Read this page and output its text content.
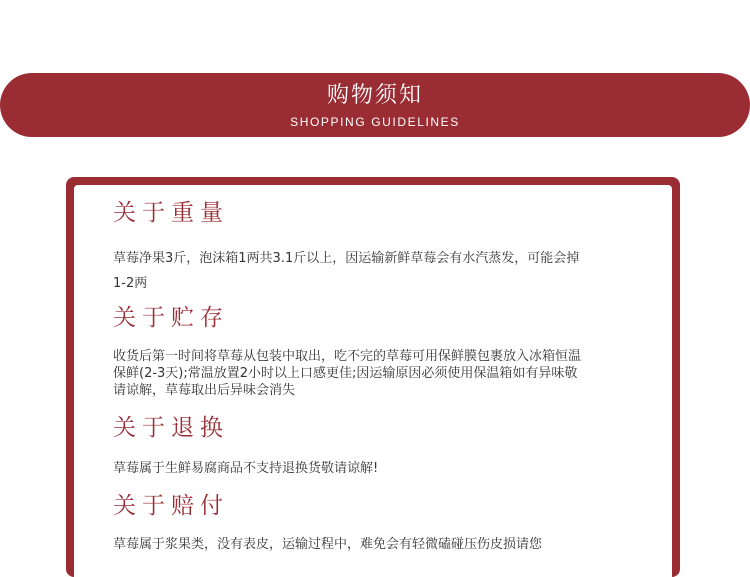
购物须知
SHOPPING GUIDELINES
关于重量
草莓净果3斤，泡沫箱1两共3.1斤以上，因运输新鲜草莓会有水汽蒸发，可能会掉1-2两
关于贮存
收货后第一时间将草莓从包装中取出，吃不完的草莓可用保鲜膜包裹放入冰箱恒温保鲜(2-3天);常温放置2小时以上口感更佳;因运输原因必须使用保温箱如有异味敬请谅解，草莓取出后异味会消失
关于退换
草莓属于生鲜易腐商品不支持退换货敬请谅解!
关于赔付
草莓属于浆果类，没有表皮，运输过程中，难免会有轻微磕碰压伤皮损请您
